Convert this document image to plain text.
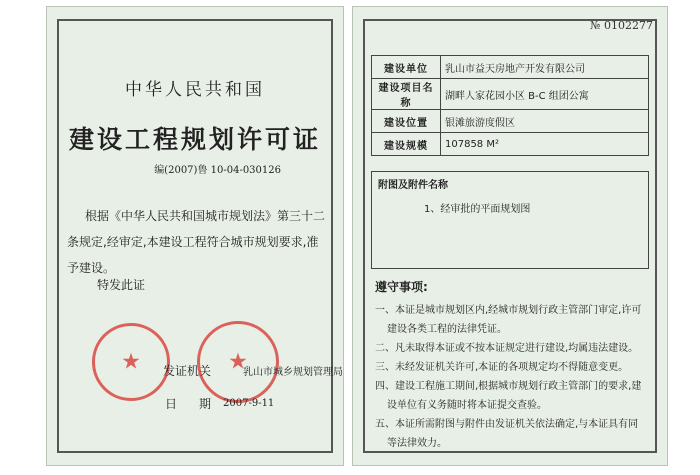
中华人民共和国
建设工程规划许可证
编(2007)鲁 10-04-030126
根据《中华人民共和国城市规划法》第三十二条规定,经审定,本建设工程符合城市规划要求,准予建设。
特发此证
★	★
发证机关	乳山市城乡规划管理局
日期
2007-9-11
№ 0102277
建设单位	乳山市益天房地产开发有限公司
建设项目名称	湖畔人家花园小区 B-C 组团公寓
建设位置	银滩旅游度假区
建设规模	107858 M²
附图及附件名称
1、经审批的平面规划图
遵守事项:

一、本证是城市规划区内,经城市规划行政主管部门审定,许可建设各类工程的法律凭证。

二、凡未取得本证或不按本证规定进行建设,均属违法建设。

三、未经发证机关许可,本证的各项规定均不得随意变更。

四、建设工程施工期间,根据城市规划行政主管部门的要求,建设单位有义务随时将本证提交查验。

五、本证所需附图与附件由发证机关依法确定,与本证具有同等法律效力。
